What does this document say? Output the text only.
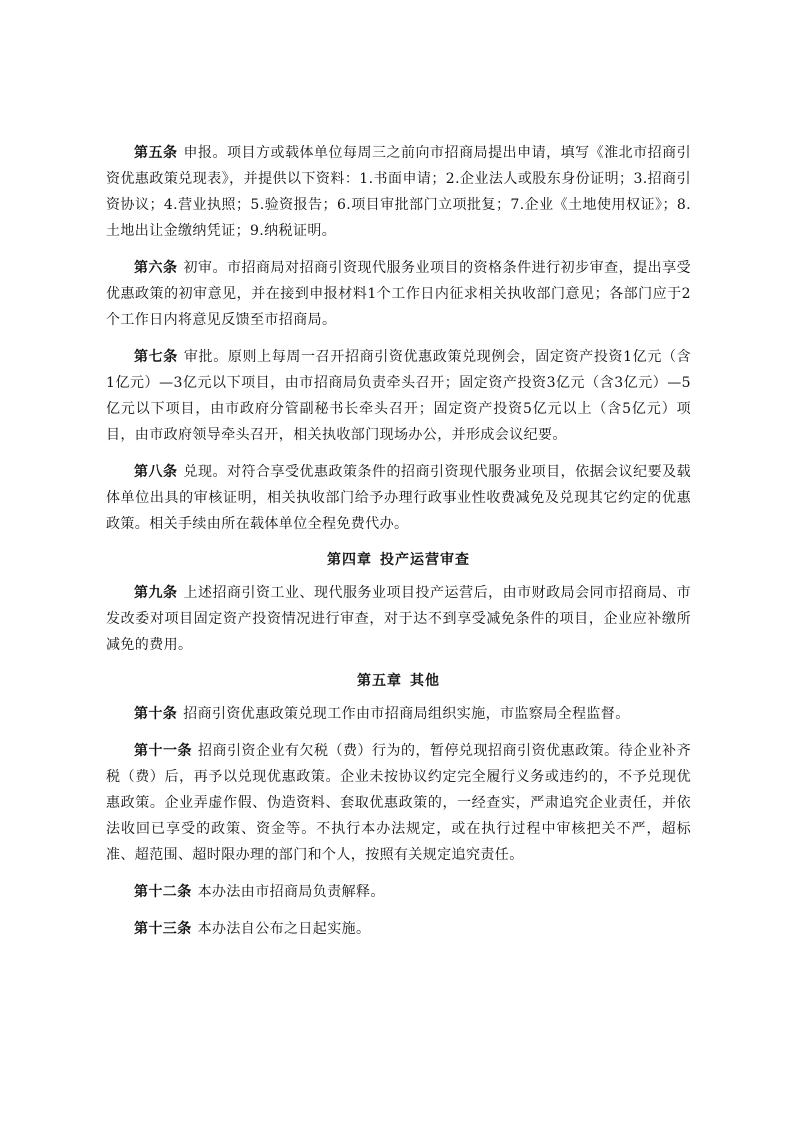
第五条 申报。项目方或载体单位每周三之前向市招商局提出申请，填写《淮北市招商引资优惠政策兑现表》，并提供以下资料：1.书面申请；2.企业法人或股东身份证明；3.招商引资协议；4.营业执照；5.验资报告；6.项目审批部门立项批复；7.企业《土地使用权证》；8.土地出让金缴纳凭证；9.纳税证明。

第六条 初审。市招商局对招商引资现代服务业项目的资格条件进行初步审查，提出享受优惠政策的初审意见，并在接到申报材料1个工作日内征求相关执收部门意见；各部门应于2个工作日内将意见反馈至市招商局。

第七条 审批。原则上每周一召开招商引资优惠政策兑现例会，固定资产投资1亿元（含1亿元）—3亿元以下项目，由市招商局负责牵头召开；固定资产投资3亿元（含3亿元）—5亿元以下项目，由市政府分管副秘书长牵头召开；固定资产投资5亿元以上（含5亿元）项目，由市政府领导牵头召开，相关执收部门现场办公，并形成会议纪要。

第八条 兑现。对符合享受优惠政策条件的招商引资现代服务业项目，依据会议纪要及载体单位出具的审核证明，相关执收部门给予办理行政事业性收费减免及兑现其它约定的优惠政策。相关手续由所在载体单位全程免费代办。

第四章 投产运营审查

第九条 上述招商引资工业、现代服务业项目投产运营后，由市财政局会同市招商局、市发改委对项目固定资产投资情况进行审查，对于达不到享受减免条件的项目，企业应补缴所减免的费用。

第五章 其他

第十条 招商引资优惠政策兑现工作由市招商局组织实施，市监察局全程监督。

第十一条 招商引资企业有欠税（费）行为的，暂停兑现招商引资优惠政策。待企业补齐税（费）后，再予以兑现优惠政策。企业未按协议约定完全履行义务或违约的，不予兑现优惠政策。企业弄虚作假、伪造资料、套取优惠政策的，一经查实，严肃追究企业责任，并依法收回已享受的政策、资金等。不执行本办法规定，或在执行过程中审核把关不严，超标准、超范围、超时限办理的部门和个人，按照有关规定追究责任。

第十二条 本办法由市招商局负责解释。

第十三条 本办法自公布之日起实施。
